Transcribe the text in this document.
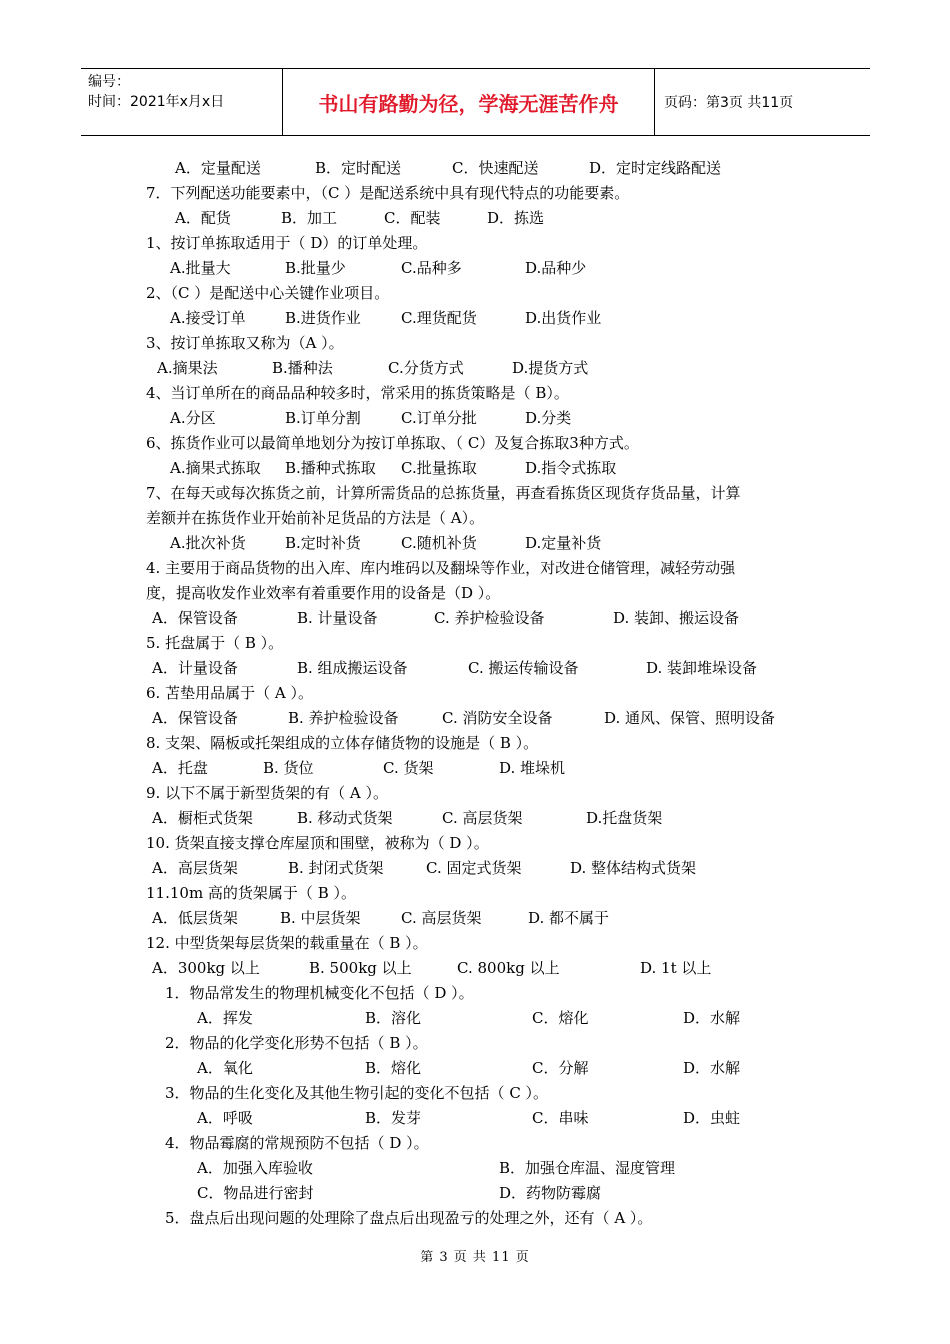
编号：
时间：2021年x月x日	书山有路勤为径，学海无涯苦作舟	页码：第3页 共11页
A．定量配送	B．定时配送	C．快速配送	D．定时定线路配送
7．下列配送功能要素中，（C ）是配送系统中具有现代特点的功能要素。
A．配货	B．加工	C．配装	D．拣选
1、按订单拣取适用于（ D）的订单处理。
A.批量大	B.批量少	C.品种多	D.品种少
2、（C ）是配送中心关键作业项目。
A.接受订单	B.进货作业	C.理货配货	D.出货作业
3、按订单拣取又称为（A ）。
A.摘果法	B.播种法	C.分货方式	D.提货方式
4、当订单所在的商品品种较多时，常采用的拣货策略是（ B）。
A.分区	B.订单分割	C.订单分批	D.分类
6、拣货作业可以最简单地划分为按订单拣取、（ C）及复合拣取3种方式。
A.摘果式拣取 B.播种式拣取 C.批量拣取	D.指令式拣取
7、在每天或每次拣货之前，计算所需货品的总拣货量，再查看拣货区现货存货品量，计算
差额并在拣货作业开始前补足货品的方法是（ A）。
A.批次补货	B.定时补货	C.随机补货	D.定量补货
4. 主要用于商品货物的出入库、库内堆码以及翻垛等作业，对改进仓储管理，减轻劳动强
度，提高收发作业效率有着重要作用的设备是（D ）。
A．保管设备	B. 计量设备	C. 养护检验设备	D. 装卸、搬运设备
5. 托盘属于（ B ）。
A．计量设备	B. 组成搬运设备	C. 搬运传输设备	D. 装卸堆垛设备
6. 苫垫用品属于（ A ）。
A．保管设备	B. 养护检验设备	C. 消防安全设备	D. 通风、保管、照明设备
8. 支架、隔板或托架组成的立体存储货物的设施是（ B ）。
A．托盘	B. 货位	C. 货架	D. 堆垛机
9. 以下不属于新型货架的有（ A ）。
A．橱柜式货架	B. 移动式货架	C. 高层货架	D.托盘货架
10. 货架直接支撑仓库屋顶和围壁，被称为（ D ）。
A．高层货架	B. 封闭式货架	C. 固定式货架	D. 整体结构式货架
11.10m 高的货架属于（ B ）。
A．低层货架	B. 中层货架	C. 高层货架	D. 都不属于
12. 中型货架每层货架的载重量在（ B ）。
A．300kg 以上	B. 500kg 以上	C. 800kg 以上	D. 1t 以上
1．物品常发生的物理机械变化不包括（ D ）。
A．挥发	B．溶化	C．熔化	D．水解
2．物品的化学变化形势不包括（ B ）。
A．氧化	B．熔化	C．分解	D．水解
3．物品的生化变化及其他生物引起的变化不包括（ C ）。
A．呼吸	B．发芽	C．串味	D．虫蛀
4．物品霉腐的常规预防不包括（ D ）。
A．加强入库验收	B．加强仓库温、湿度管理
C．物品进行密封	D．药物防霉腐
5．盘点后出现问题的处理除了盘点后出现盈亏的处理之外，还有（ A ）。
第 3 页 共 11 页
